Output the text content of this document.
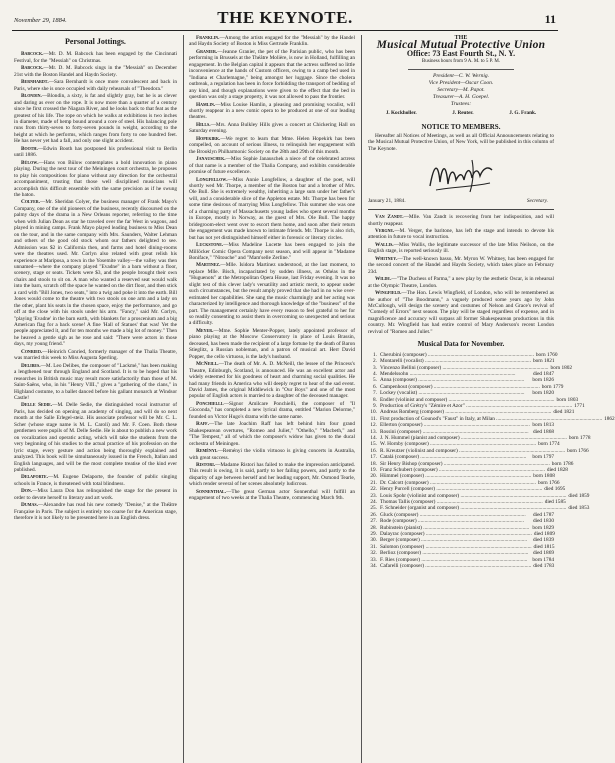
November 29, 1884.	THE KEYNOTE.	11
Personal Jottings.
Babcock.—Mr. D. M. Babcock has been engaged by the Cincinnati Festival, for the "Messiah" on Christmas.
Babcock.—Mr. D. M. Babcock sings in the "Messiah" on December 21st with the Boston Handel and Haydn Society.
Bernhardt.—Sara Bernhardt is once more convalescent and back in Paris, where she is once occupied with daily rehearsals of "Theodora."
Blondin.—Blondin, a sixty, is fat and slightly gray, but he is as clever and daring as ever on the rope. It is now more than a quarter of a century since he first crossed the Niagara River, and he looks back to that feat as the greatest of his life. The rope on which he walks at exhibitions is two inches in diameter, made of hemp bound around a core of steel. His balancing pole runs from thirty-seven to forty-seven pounds in weight, according to the height at which he performs, which ranges from forty to one hundred feet. He has never yet had a fall, and only one slight accident.
Booth.—Edwin Booth has postponed his professional visit to Berlin until 1886.
Bülow.—Hans von Bülow contemplates a bold innovation in piano playing. During the next tour of the Meiningen court orchestra, he proposes to play his compositions for piano without any direction for the orchestral accompaniment, trusting that those well disciplined musicians will accomplish this difficult ensemble with the same precision as if he swung the baton.
Colyer.—Mr. Sheridan Colyer, the business manager of Frank Mayo's Company, one of the old pioneers of the business, recently discoursed on the palmy days of the drama in a New Orleans reporter, referring to the time when with Julian Dean as star he traveled over the far West in wagons, and played in mining camps. Frank Mayo played leading business to Miss Dean on the tour, and in the same company with Mrs. Saunders, Walter Lehman and others of the good old stock whom our fathers delighted to see. Admission was $2 in California then, and farms and hotel dining-rooms were the theatres used. Mr. Corlyn also related with great relish his experience at Mariposa, a town in the Yosemite valley—the valley was then unnamed—where the company played "Evadne" in a barn without a floor, scenery, stage or seats. Tickets were $3, and the people brought their own chairs and stools to sit on. A man who wanted a reserved seat would walk into the barn, scratch off the space he wanted on the dirt floor, and then stick a card with "Bill Jones, two seats," into a twig and poke it into the earth. Bill Jones would come to the theatre with two stools on one arm and a lady on the other, plant his seats in the chosen space, enjoy the performance, and go off at the close with his stools under his arm. "Fancy," said Mr. Corlyn, "playing 'Evadne' in the barn earth, with blankets for a proscenium and a big American flag for a back scene! A fine 'Hall of Statues' that was! Yet the people appreciated it, and for ten months we made a big lot of money." Then he heaved a gentle sigh as he rose and said: "There were actors in those days, my young friend."
Conried.—Heinrich Conried, formerly manager of the Thalia Theatre, was married this week to Miss Augusta Sperling.
Delibes.—M. Leo Delibes, the composer of "Lackmé," has been making a lengthened tour through England and Scotland. It is to be hoped that his researches in British music may result more satisfactorily than those of M. Saint-Saëns, who, in his "Henry VIII.," gives a "gathering of the clans," in Highland costume, to a ballet danced before his gallant monarch at Windsor Castle!
Delle Sedie.—M. Delle Sedie, the distinguished vocal instructor of Paris, has decided on opening an academy of singing, and will do so next month at the Salle Erlegel-steiz. His associate professor will be Mr. C. L. Scher (whose stage name is M. L. Caroli) and Mr. F. Coen. Both these gentlemen were pupils of M. Delle Sedie. He is about to publish a new work on vocalization and operatic acting, which will take the students from the very beginning of his studies to the actual practice of his profession on the lyric stage, every gesture and action being thoroughly explained and analyzed. This book will be simultaneously issued in the French, Italian and English languages, and will be the most complete treatise of the kind ever published.
Delaporte.—M. Eugene Delaporte, the founder of public singing schools in France, is threatened with total blindness.
Don.—Miss Laura Don has relinquished the stage for the present in order to devote herself to literary and art work.
Dumas.—Alexandre has read his new comedy "Denise," at the Théâtre Française in Paris. The subject is entirely too coarse for the American stage, therefore it is not likely to be presented here in an English dress.
Franklin.—Among the artists engaged for the "Messiah" by the Handel and Haydn Society of Boston is Miss Gertrude Franklin.
Granier.—Jeanne Granier, the pet of the Parisian public, who has been performing in Brussels at the Théâtre Molière, is now in Holland, fulfilling an engagement. In the Belgian capital it appears that the actress suffered no little inconvenience at the hands of Custom officers, owing to a camp bed used in "Indiana et Charlemagne," being amongst her luggage. Since the cholera outbreak, a regulation has been in force forbidding the transport of bedding of any kind, and though explanations were given to the effect that the bed in question was only a stage property, it was not allowed to pass the frontier.
Hamlin.—Miss Louise Hamlin, a pleasing and promising vocalist, will shortly reappear in a new comic opera to be produced at one of our leading theatres.
Hills.—Mrs. Anna Bulkley Hills gives a concert at Chickering Hall on Saturday evening.
Hopekirk.—We regret to learn that Mme. Helen Hopekirk has been compelled, on account of serious illness, to relinquish her engagement with the Brooklyn Philharmonic Society on the 28th and 29th of this month.
Janauschek.—Miss Sophie Janauschek a niece of the celebrated actress of that name is a member of the Thalia Company, and exhibits considerable promise of future excellence.
Longfellow.—Miss Annie Longfellow, a daughter of the poet, will shortly wed Mr. Thorpe, a member of the Boston bar and a brother of Mrs. Ole Bull. She is extremely wealthy, inheriting a large sum under her father's will, and a considerable slice of the Appleton estate. Mr. Thorpe has been for some time desirous of marrying Miss Longfellow. This summer she was one of a charming party of Massachusetts young ladies who spent several months in Europe, mostly in Norway, as the guest of Mrs. Ole Bull. The happy bridegroom-elect went over to escort them home, and soon after their return the engagement was made known to intimate friends. Mr. Thorpe is also rich, but has not yet distinguished himself either in forensic or literary circles.
Luckstone.—Miss Madeline Lucette has been engaged to join the Millöcker Comic Opera Company next season, and will appear in "Madame Boniface," "Nitouche" and "Mam'selle Zerline."
Martinez.—Mlle. Isidora Martinez understood, at the last moment, to replace Mlle. Bisch, incapacitated by sudden illness, as Othéas in the "Huguenots" at the Metropolitan Opera House, last Friday evening. It was no slight test of this clever lady's versatility and artistic merit, to appear under such circumstances, but the result amply proved that she had in no wise over-estimated her capabilities. She sang the music charmingly and her acting was characterized by intelligence and thorough knowledge of the "business" of the part. The management certainly have every reason to feel grateful to her for so readily consenting to assist them in overcoming so unexpected and serious a difficulty.
Meyer.—Mme. Sophie Menter-Popper, lately appointed professor of piano playing at the Moscow Conservatory in place of Louis Brassin, deceased, has been made the recipient of a large fortune by the death of Baron Stieglitz, a Russian nobleman, and a patron of musical art. Herr David Popper, the cello virtuoso, is the lady's husband.
McNeill.—The death of Mr. A. D. McNeill, the lessee of the Princess's Theatre, Edinburgh, Scotland, is announced. He was an excellent actor and widely esteemed for his goodness of heart and charming social qualities. He had many friends in America who will deeply regret to hear of the sad event. David James, the original Middlewick in "Our Boys" and one of the most popular of English actors is married to a daughter of the deceased manager.
Ponchielli.—Signor Amilcare Ponchielli, the composer of "Il Gioconda," has completed a new lyrical drama, entitled "Marion Delorme," founded on Victor Hugo's drama with the same name.
Raff.—The late Joachim Raff has left behind him four grand Shakespearean overtures, "Romeo and Juliet," "Othello," "Macbeth," and "The Tempest," all of which the composer's widow has given to the ducal orchestra of Meiningen.
Reményi.—Reményi the violin virtuoso is giving concerts in Australia, with great success.
Ristori.—Madame Ristori has failed to make the impression anticipated. This result is owing, it is said, partly to her failing powers, and partly to the disparity of age between herself and her leading support, Mr. Osmond Tearle, which render several of her scenes absolutely ludicrous.
Sonnenthal.—The great German actor Sonnenthal will fulfill an engagement of two weeks at the Thalia Theatre, commencing March 9th.
THE
Musical Mutual Protective Union
Office: 73 East Fourth St., N. Y.
Business hours from 9 A. M. to 5 P. M.
President—C. W. Wernig.
Vice President—Oscar Coon.
Secretary—M. Papot.
Treasurer—A. H. Goepel.
Trustees:
J. Kockholler.	J. Reuter.	J. G. Frank.
NOTICE TO MEMBERS.
Hereafter all Notices of Meetings, as well as all Official Announcements relating to the Musical Mutual Protective Union, of New York, will be published in this column of The Keynote.
January 21, 1884.	Secretary.
Van Zandt.—Mlle. Van Zandt is recovering from her indisposition, and will shortly reappear.
Vergne.—M. Verger, the baritone, has left the stage and intends to devote his attention in future to vocal instruction.
Wallis.—Miss Wallis, the legitimate successor of the late Miss Neilson, on the English stage, is reported seriously ill.
Whitney.—The well-known basso, Mr. Myron W. Whitney, has been engaged for the second concert of the Handel and Haydn Society, which takes place on February 23d.
Wilde.—"The Duchess of Parma," a new play by the æsthetic Oscar, is in rehearsal at the Olympic Theatre, London.
Wingfield.—The Hon. Lewis Wingfield, of London, who will be remembered as the author of "The Boodmann," a vaguely produced some years ago by John McCullough, will design the scenery and costumes of Nelson and Grace's revival of "Comedy of Errors" next season. The play will be staged regardless of expense, and in magnificence and accuracy will surpass all former Shakespearean productions in this country. Mr. Wingfield has had entire control of Mary Anderson's recent London revival of "Romeo and Juliet."
Musical Data for November.
1. Cherubini (composer) ................................................................................ born 1760
2. Montarelli (vocalist) ................................................................................ born 1821
3. Vincenzo Bellini (composer) ................................................................................ born 1802
4. Mendelssohn ................................................................................	died 1847
5. Anna (composer) ................................................................................	born 1826
6. Campenhout (composer) ................................................................................ born 1779
7. Lockey (vocalist) ................................................................................	born 1820
8. Endler (violinist and composer) ................................................................................ born 1803
9. Production of Grétry's "Zémire et Azor" ................................................................................ 1771
10. Andreas Romberg (composer) ................................................................................ died 1821
11. First production of Gounod's "Faust" in Italy, at Milan ................................................................................ 1862
12. Ellerton (composer) ................................................................................ born 1813
13. Rossini (composer) ................................................................................ died 1868
14. J. N. Hummel (pianist and composer) ................................................................................ born 1778
15. W. Hornby (composer) ................................................................................ born 1774
16. R. Kreutzer (violinist and composer) ................................................................................ born 1766
17. Catalá (composer) ................................................................................	born 1797
18. Sir Henry Bishop (composer) ................................................................................ born 1786
19. Franz Schubert (composer) ................................................................................ died 1828
20. Hümmel (composer) ................................................................................ born 1808
21. Dr. Calcott (composer) ................................................................................ born 1766
22. Henry Purcell (composer) ................................................................................ died 1695
23. Louis Spohr (violinist and composer) ................................................................................ died 1859
24. Thomas Tallis (composer) ................................................................................ died 1585
25. F. Schneider (organist and composer) ................................................................................ died 1853
26. Gluck (composer) ................................................................................	died 1787
27. Rode (composer) ................................................................................	died 1830
28. Rubinstein (pianist) ................................................................................ born 1829
29. Dalayrac (composer) ................................................................................ died 1809
30. Berger (composer) ................................................................................	died 1839
31. Salomon (composer) ................................................................................ died 1815
32. Berlioz (composer) ................................................................................ died 1869
33. F. Ries (composer) ................................................................................ born 1784
34. Cafarelli (composer) ................................................................................ died 1783
